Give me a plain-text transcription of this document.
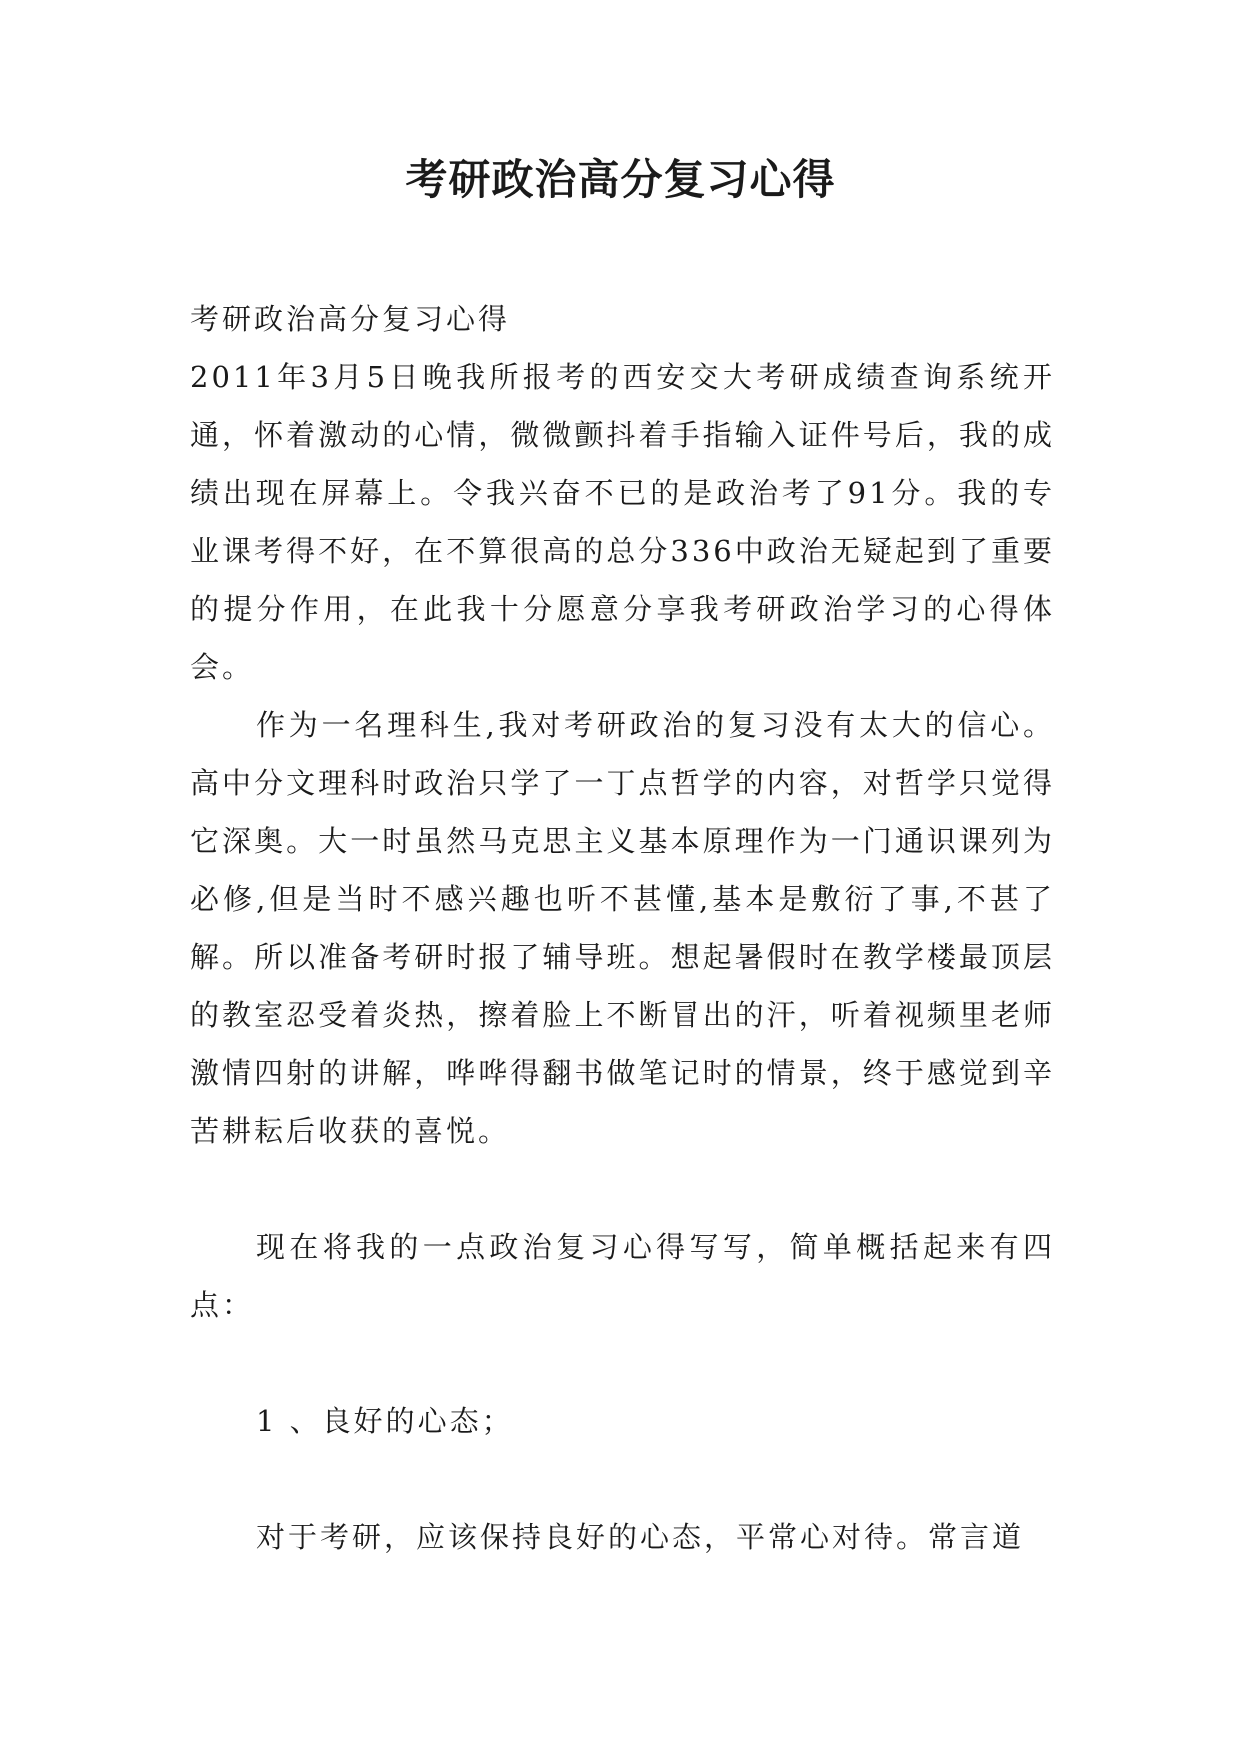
考研政治高分复习心得

考研政治高分复习心得

2011年3月5日晚我所报考的西安交大考研成绩查询系统开通，怀着激动的心情，微微颤抖着手指输入证件号后，我的成绩出现在屏幕上。令我兴奋不已的是政治考了91分。我的专业课考得不好，在不算很高的总分336中政治无疑起到了重要的提分作用，在此我十分愿意分享我考研政治学习的心得体会。

作为一名理科生,我对考研政治的复习没有太大的信心。高中分文理科时政治只学了一丁点哲学的内容，对哲学只觉得它深奥。大一时虽然马克思主义基本原理作为一门通识课列为必修,但是当时不感兴趣也听不甚懂,基本是敷衍了事,不甚了解。所以准备考研时报了辅导班。想起暑假时在教学楼最顶层的教室忍受着炎热，擦着脸上不断冒出的汗，听着视频里老师激情四射的讲解，哗哗得翻书做笔记时的情景，终于感觉到辛苦耕耘后收获的喜悦。

现在将我的一点政治复习心得写写，简单概括起来有四点：

1 、良好的心态；

对于考研，应该保持良好的心态，平常心对待。常言道
